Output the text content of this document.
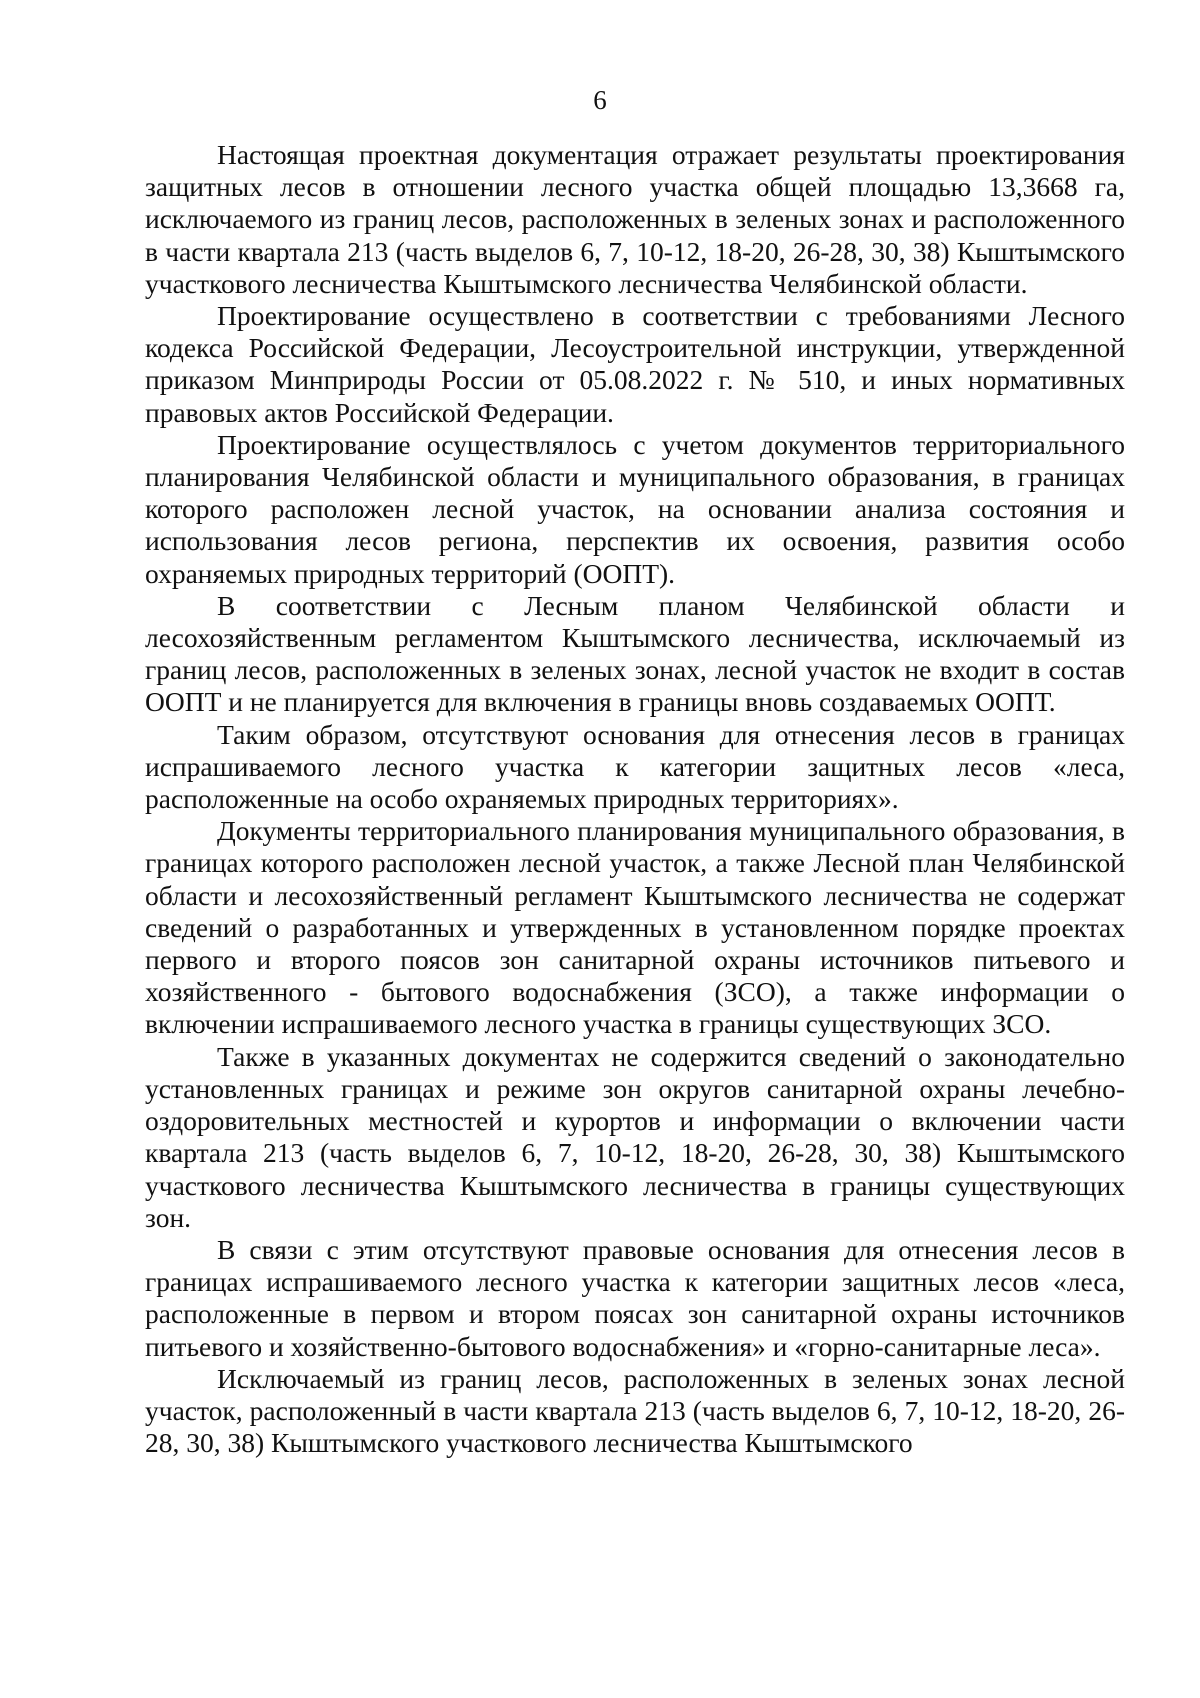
6

Настоящая проектная документация отражает результаты проектирования защитных лесов в отношении лесного участка общей площадью 13,3668 га, исключаемого из границ лесов, расположенных в зеленых зонах и расположенного в части квартала 213 (часть выделов 6, 7, 10-12, 18-20, 26-28, 30, 38) Кыштымского участкового лесничества Кыштымского лесничества Челябинской области.

Проектирование осуществлено в соответствии с требованиями Лесного кодекса Российской Федерации, Лесоустроительной инструкции, утвержденной приказом Минприроды России от 05.08.2022 г. № 510, и иных нормативных правовых актов Российской Федерации.

Проектирование осуществлялось с учетом документов территориального планирования Челябинской области и муниципального образования, в границах которого расположен лесной участок, на основании анализа состояния и использования лесов региона, перспектив их освоения, развития особо охраняемых природных территорий (ООПТ).

В соответствии с Лесным планом Челябинской области и лесохозяйственным регламентом Кыштымского лесничества, исключаемый из границ лесов, расположенных в зеленых зонах, лесной участок не входит в состав ООПТ и не планируется для включения в границы вновь создаваемых ООПТ.

Таким образом, отсутствуют основания для отнесения лесов в границах испрашиваемого лесного участка к категории защитных лесов «леса, расположенные на особо охраняемых природных территориях».

Документы территориального планирования муниципального образования, в границах которого расположен лесной участок, а также Лесной план Челябинской области и лесохозяйственный регламент Кыштымского лесничества не содержат сведений о разработанных и утвержденных в установленном порядке проектах первого и второго поясов зон санитарной охраны источников питьевого и хозяйственного - бытового водоснабжения (ЗСО), а также информации о включении испрашиваемого лесного участка в границы существующих ЗСО.

Также в указанных документах не содержится сведений о законодательно установленных границах и режиме зон округов санитарной охраны лечебно-оздоровительных местностей и курортов и информации о включении части квартала 213 (часть выделов 6, 7, 10-12, 18-20, 26-28, 30, 38) Кыштымского участкового лесничества Кыштымского лесничества в границы существующих зон.

В связи с этим отсутствуют правовые основания для отнесения лесов в границах испрашиваемого лесного участка к категории защитных лесов «леса, расположенные в первом и втором поясах зон санитарной охраны источников питьевого и хозяйственно-бытового водоснабжения» и «горно-санитарные леса».

Исключаемый из границ лесов, расположенных в зеленых зонах лесной участок, расположенный в части квартала 213 (часть выделов 6, 7, 10-12, 18-20, 26-28, 30, 38) Кыштымского участкового лесничества Кыштымского
